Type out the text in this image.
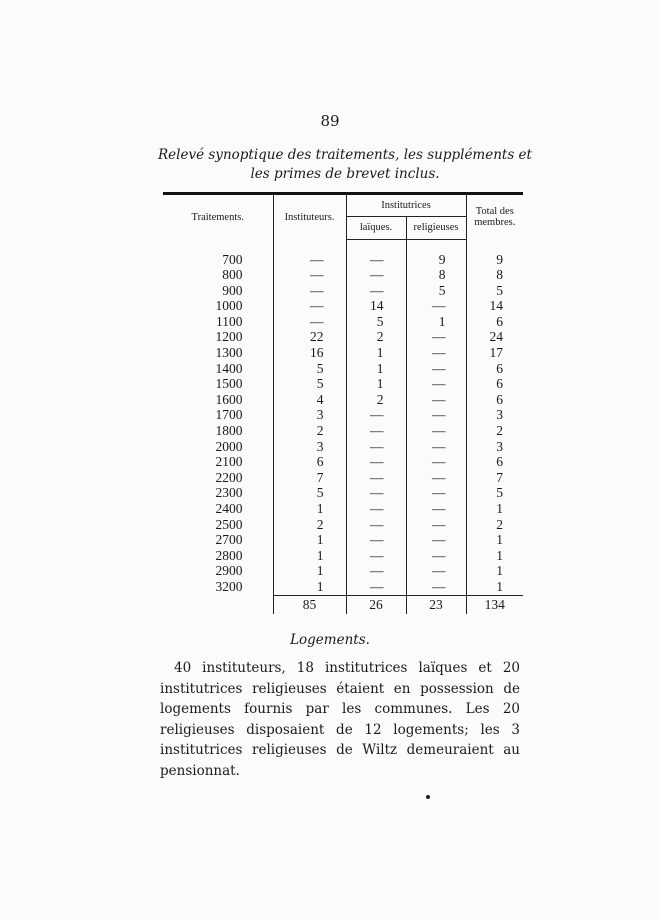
89
Relevé synoptique des traitements, les suppléments et les primes de brevet inclus.
Traitements.	Instituteurs.	Institutrices		Total des membres.
		laïques.	religieuses	

700	—	—	9	9
800	—	—	8	8
900	—	—	5	5
1000	—	14	—	14
1100	—	5	1	6
1200	22	2	—	24
1300	16	1	—	17
1400	5	1	—	6
1500	5	1	—	6
1600	4	2	—	6
1700	3	—	—	3
1800	2	—	—	2
2000	3	—	—	3
2100	6	—	—	6
2200	7	—	—	7
2300	5	—	—	5
2400	1	—	—	1
2500	2	—	—	2
2700	1	—	—	1
2800	1	—	—	1
2900	1	—	—	1
3200	1	—	—	1
	85	26	23	134
Logements.

40 instituteurs, 18 institutrices laïques et 20 institutrices religieuses étaient en possession de logements fournis par les communes. Les 20 religieuses disposaient de 12 logements; les 3 institutrices religieuses de Wiltz demeuraient au pensionnat.
